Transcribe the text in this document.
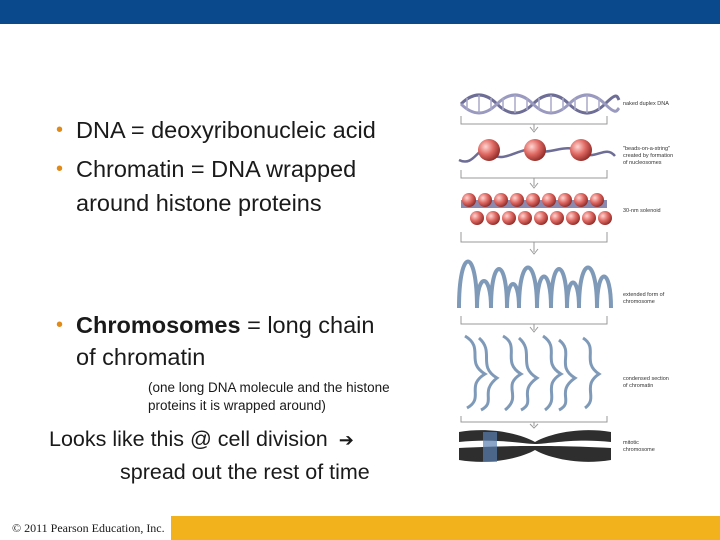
• DNA = deoxyribonucleic acid
• Chromatin = DNA wrapped
around histone proteins
• Chromosomes = long chain
of chromatin
(one long DNA molecule and the histone
proteins it is wrapped around)
Looks like this @ cell division  ➔
spread out the rest of time
naked duplex DNA
"beads-on-a-string" created by formation of nucleosomes
30-nm solenoid
extended form of chromosome
condensed section of chromatin
mitotic chromosome
© 2011 Pearson Education, Inc.
